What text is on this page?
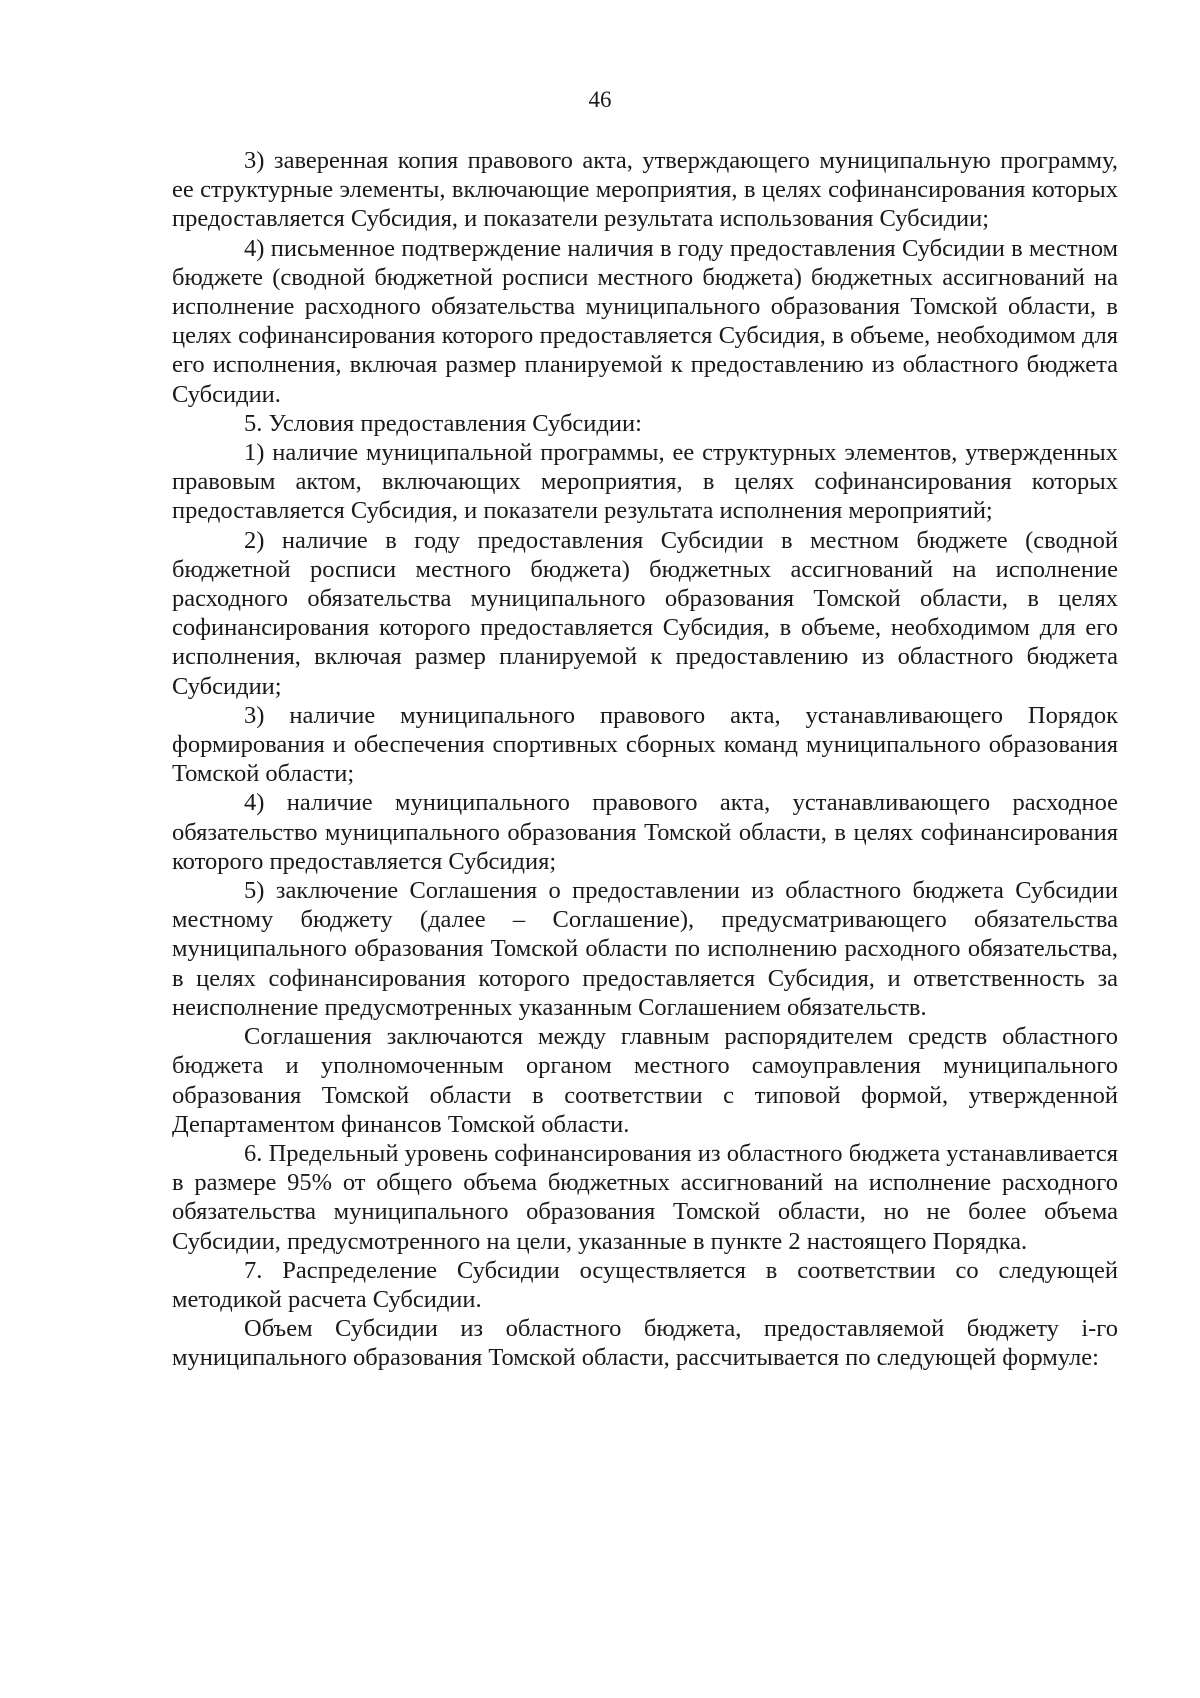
46

3) заверенная копия правового акта, утверждающего муниципальную программу, ее структурные элементы, включающие мероприятия, в целях софинансирования которых предоставляется Субсидия, и показатели результата использования Субсидии;

4) письменное подтверждение наличия в году предоставления Субсидии в местном бюджете (сводной бюджетной росписи местного бюджета) бюджетных ассигнований на исполнение расходного обязательства муниципального образования Томской области, в целях софинансирования которого предоставляется Субсидия, в объеме, необходимом для его исполнения, включая размер планируемой к предоставлению из областного бюджета Субсидии.

5. Условия предоставления Субсидии:

1) наличие муниципальной программы, ее структурных элементов, утвержденных правовым актом, включающих мероприятия, в целях софинансирования которых предоставляется Субсидия, и показатели результата исполнения мероприятий;

2) наличие в году предоставления Субсидии в местном бюджете (сводной бюджетной росписи местного бюджета) бюджетных ассигнований на исполнение расходного обязательства муниципального образования Томской области, в целях софинансирования которого предоставляется Субсидия, в объеме, необходимом для его исполнения, включая размер планируемой к предоставлению из областного бюджета Субсидии;

3) наличие муниципального правового акта, устанавливающего Порядок формирования и обеспечения спортивных сборных команд муниципального образования Томской области;

4) наличие муниципального правового акта, устанавливающего расходное обязательство муниципального образования Томской области, в целях софинансирования которого предоставляется Субсидия;

5) заключение Соглашения о предоставлении из областного бюджета Субсидии местному бюджету (далее – Соглашение), предусматривающего обязательства муниципального образования Томской области по исполнению расходного обязательства, в целях софинансирования которого предоставляется Субсидия, и ответственность за неисполнение предусмотренных указанным Соглашением обязательств.

Соглашения заключаются между главным распорядителем средств областного бюджета и уполномоченным органом местного самоуправления муниципального образования Томской области в соответствии с типовой формой, утвержденной Департаментом финансов Томской области.

6. Предельный уровень софинансирования из областного бюджета устанавливается в размере 95% от общего объема бюджетных ассигнований на исполнение расходного обязательства муниципального образования Томской области, но не более объема Субсидии, предусмотренного на цели, указанные в пункте 2 настоящего Порядка.

7. Распределение Субсидии осуществляется в соответствии со следующей методикой расчета Субсидии.

Объем Субсидии из областного бюджета, предоставляемой бюджету i-го муниципального образования Томской области, рассчитывается по следующей формуле:
